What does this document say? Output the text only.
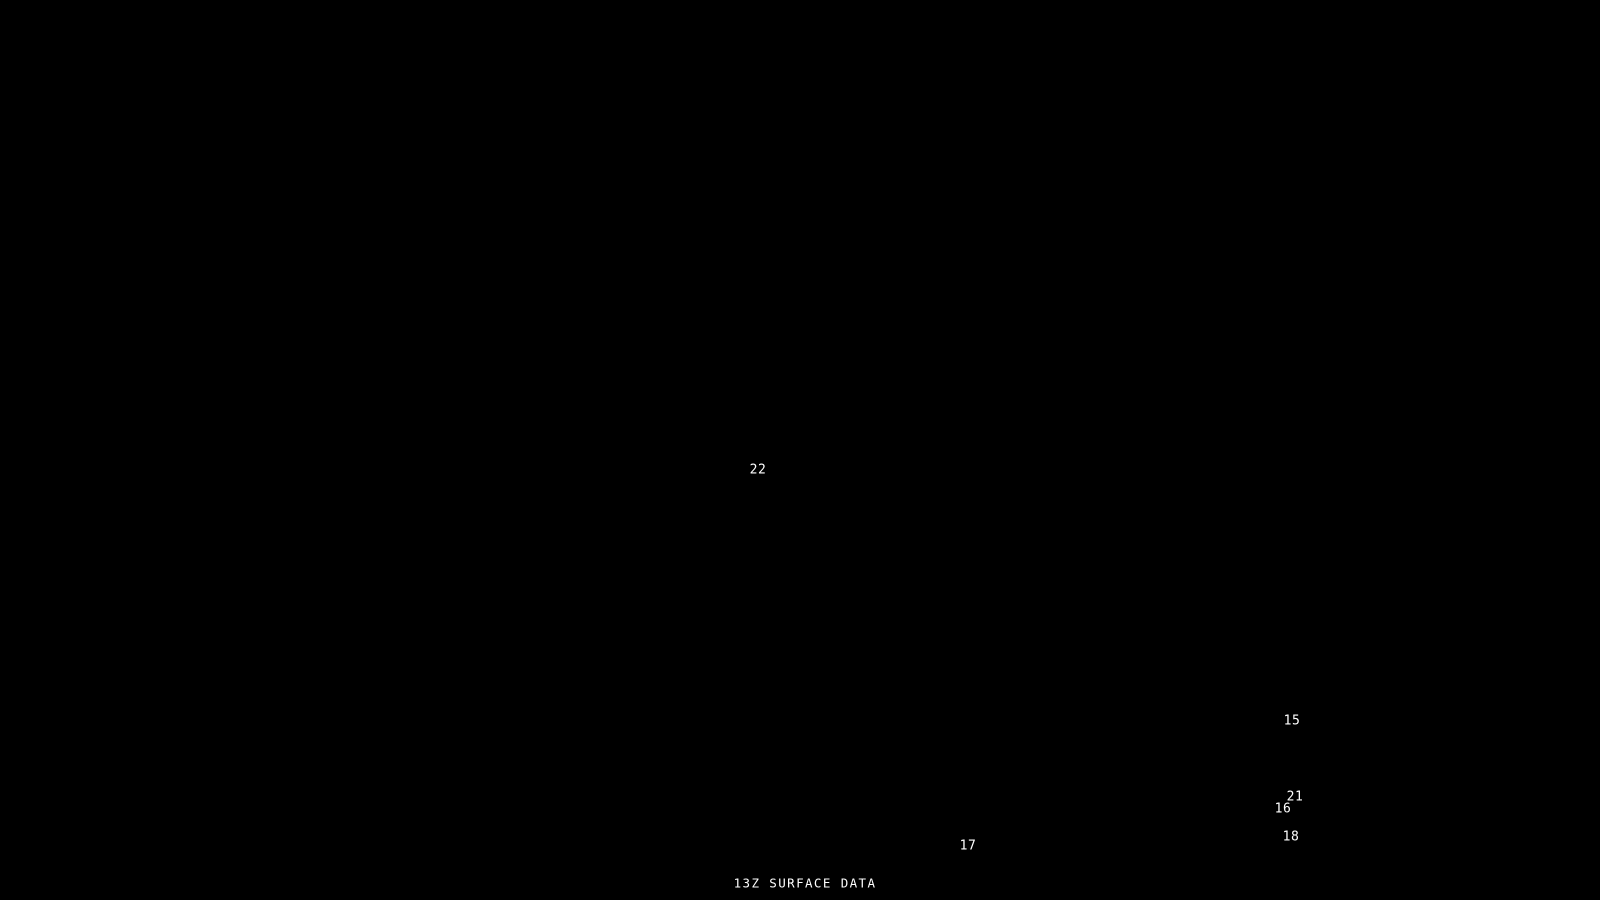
22
15
21
16
18
17
13Z SURFACE DATA
